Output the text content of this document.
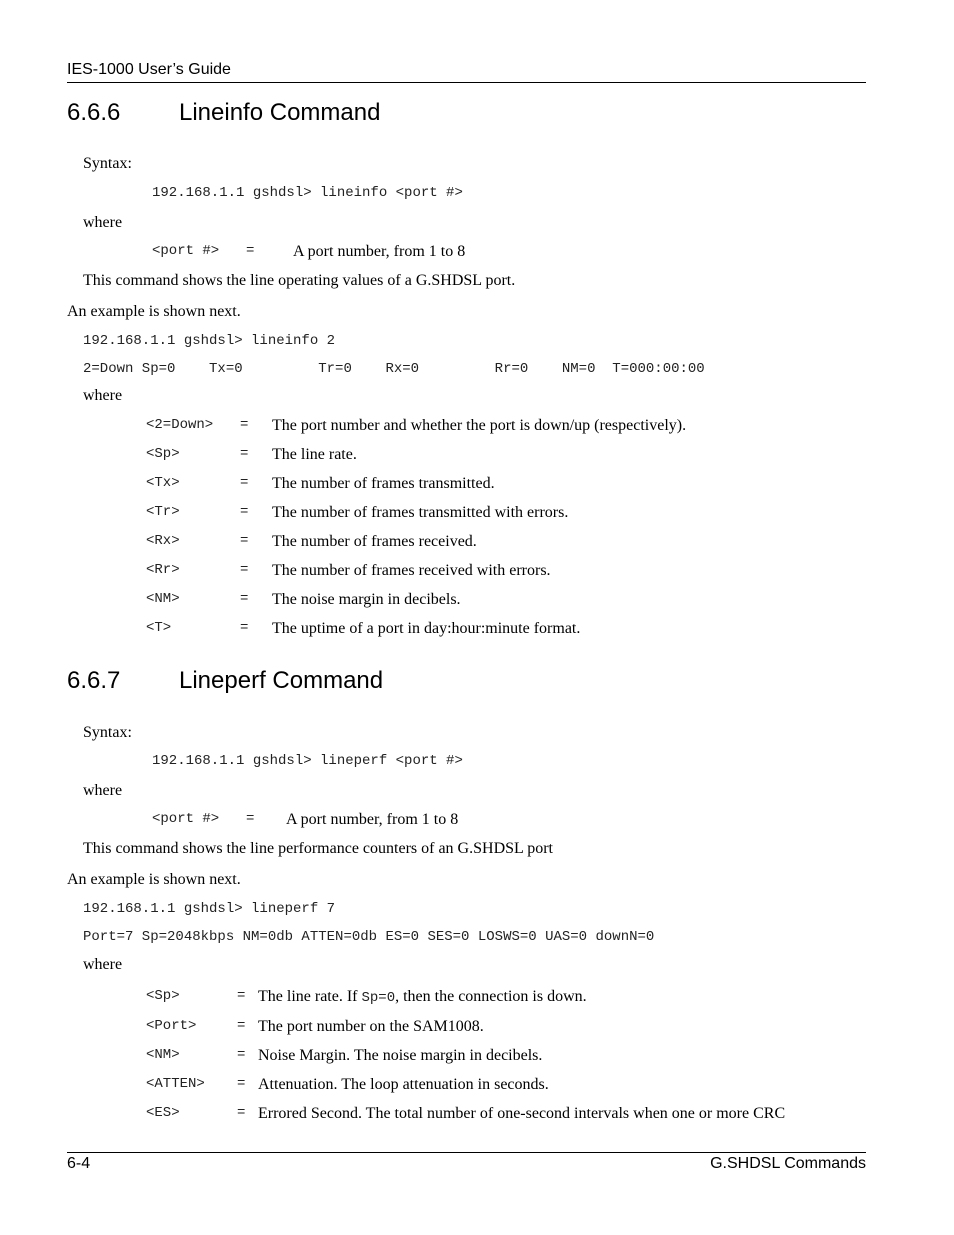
IES-1000 User’s Guide
6.6.6 Lineinfo Command
Syntax:
192.168.1.1 gshdsl> lineinfo <port #>
where
<port #> = A port number, from 1 to 8
This command shows the line operating values of a G.SHDSL port.
An example is shown next.
192.168.1.1 gshdsl> lineinfo 2
2=Down Sp=0    Tx=0         Tr=0    Rx=0         Rr=0    NM=0  T=000:00:00
where
<2=Down> = The port number and whether the port is down/up (respectively).
<Sp>	= The line rate.
<Tx>	= The number of frames transmitted.
<Tr>	= The number of frames transmitted with errors.
<Rx>	= The number of frames received.
<Rr>	= The number of frames received with errors.
<NM>	= The noise margin in decibels.
<T>	= The uptime of a port in day:hour:minute format.
6.6.7 Lineperf Command
Syntax:
192.168.1.1 gshdsl> lineperf <port #>
where
<port #> = A port number, from 1 to 8
This command shows the line performance counters of an G.SHDSL port
An example is shown next.
192.168.1.1 gshdsl> lineperf 7
Port=7 Sp=2048kbps NM=0db ATTEN=0db ES=0 SES=0 LOSWS=0 UAS=0 downN=0
where
<Sp>	= The line rate. If Sp=0, then the connection is down.
<Port>	= The port number on the SAM1008.
<NM>	= Noise Margin. The noise margin in decibels.
<ATTEN> = Attenuation. The loop attenuation in seconds.
<ES>	= Errored Second. The total number of one-second intervals when one or more CRC
6-4	G.SHDSL Commands
